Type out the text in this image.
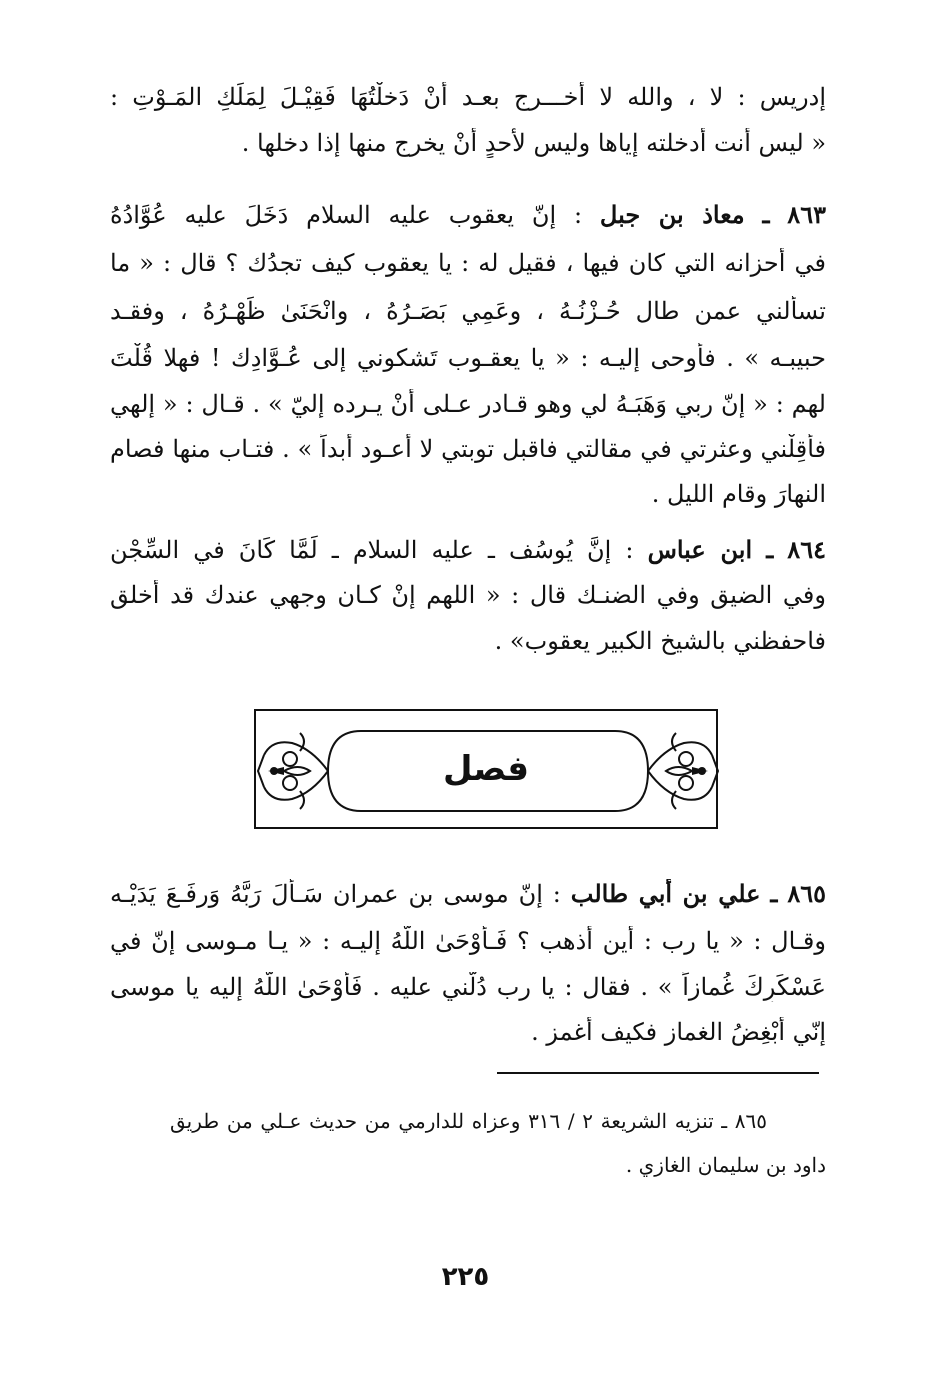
إدريس : لا ، والله لا أخـــرج بعـد أنْ دَخلْتُهَا فَقِيْـلَ لِمَلَكِ المَـوْتِ :
« ليس أنت أدخلته إياها وليس لأحدٍ أنْ يخرج منها إذا دخلها .
٨٦٣ ـ معاذ بن جبل : إنّ يعقوب عليه السلام دَخَلَ عليه عُوَّادُهُ
في أحزانه التي كان فيها ، فقيل له : يا يعقوب كيف تجدُك ؟ قال : « ما
تسألني عمن طال حُـزْنُـهُ ، وعَمِي بَصَـرُهُ ، وانْحَنَىٰ ظَهْـرُهُ ، وفقـد
حبيبـه » . فأوحى إليـه : « يا يعقـوب تَشكوني إلى عُـوَّادِك ! فهلا قُلْتَ
لهم : « إنّ ربي وَهَبَـهُ لي وهو قـادر عـلى أنْ يـرده إليّ » . قـال : « إلهي
فأقِلْني وعثرتي في مقالتي فاقبل توبتي لا أعـود أبداً » . فتـاب منها فصام
النهارَ وقام الليل .
٨٦٤ ـ ابن عباس : إنَّ يُوسُف ـ عليه السلام ـ لَمَّا كَانَ في السِّجْن
وفي الضيق وفي الضنـك قال : « اللهم إنْ كـان وجهي عندك قد أخلق
فاحفظني بالشيخ الكبير يعقوب» .
فصل
٨٦٥ ـ علي بن أبي طالب : إنّ موسى بن عمران سَـأَلَ رَبَّهُ وَرفَـعَ يَدَيْـه
وقـال : « يا رب : أين أذهب ؟ فَـأَوْحَىٰ اللَّهُ إليـه : « يـا مـوسى إنّ في
عَسْكَرِكَ غُمازاً » . فقال : يا رب دُلَّني عليه . فَأَوْحَىٰ اللَّهُ إليه يا موسى
إنّي أُبْغِضُ الغماز فكيف أغمز .
٨٦٥ ـ تنزيه الشريعة ٢ / ٣١٦ وعزاه للدارمي من حديث عـلي من طريق
داود بن سليمان الغازي .
٢٢٥
